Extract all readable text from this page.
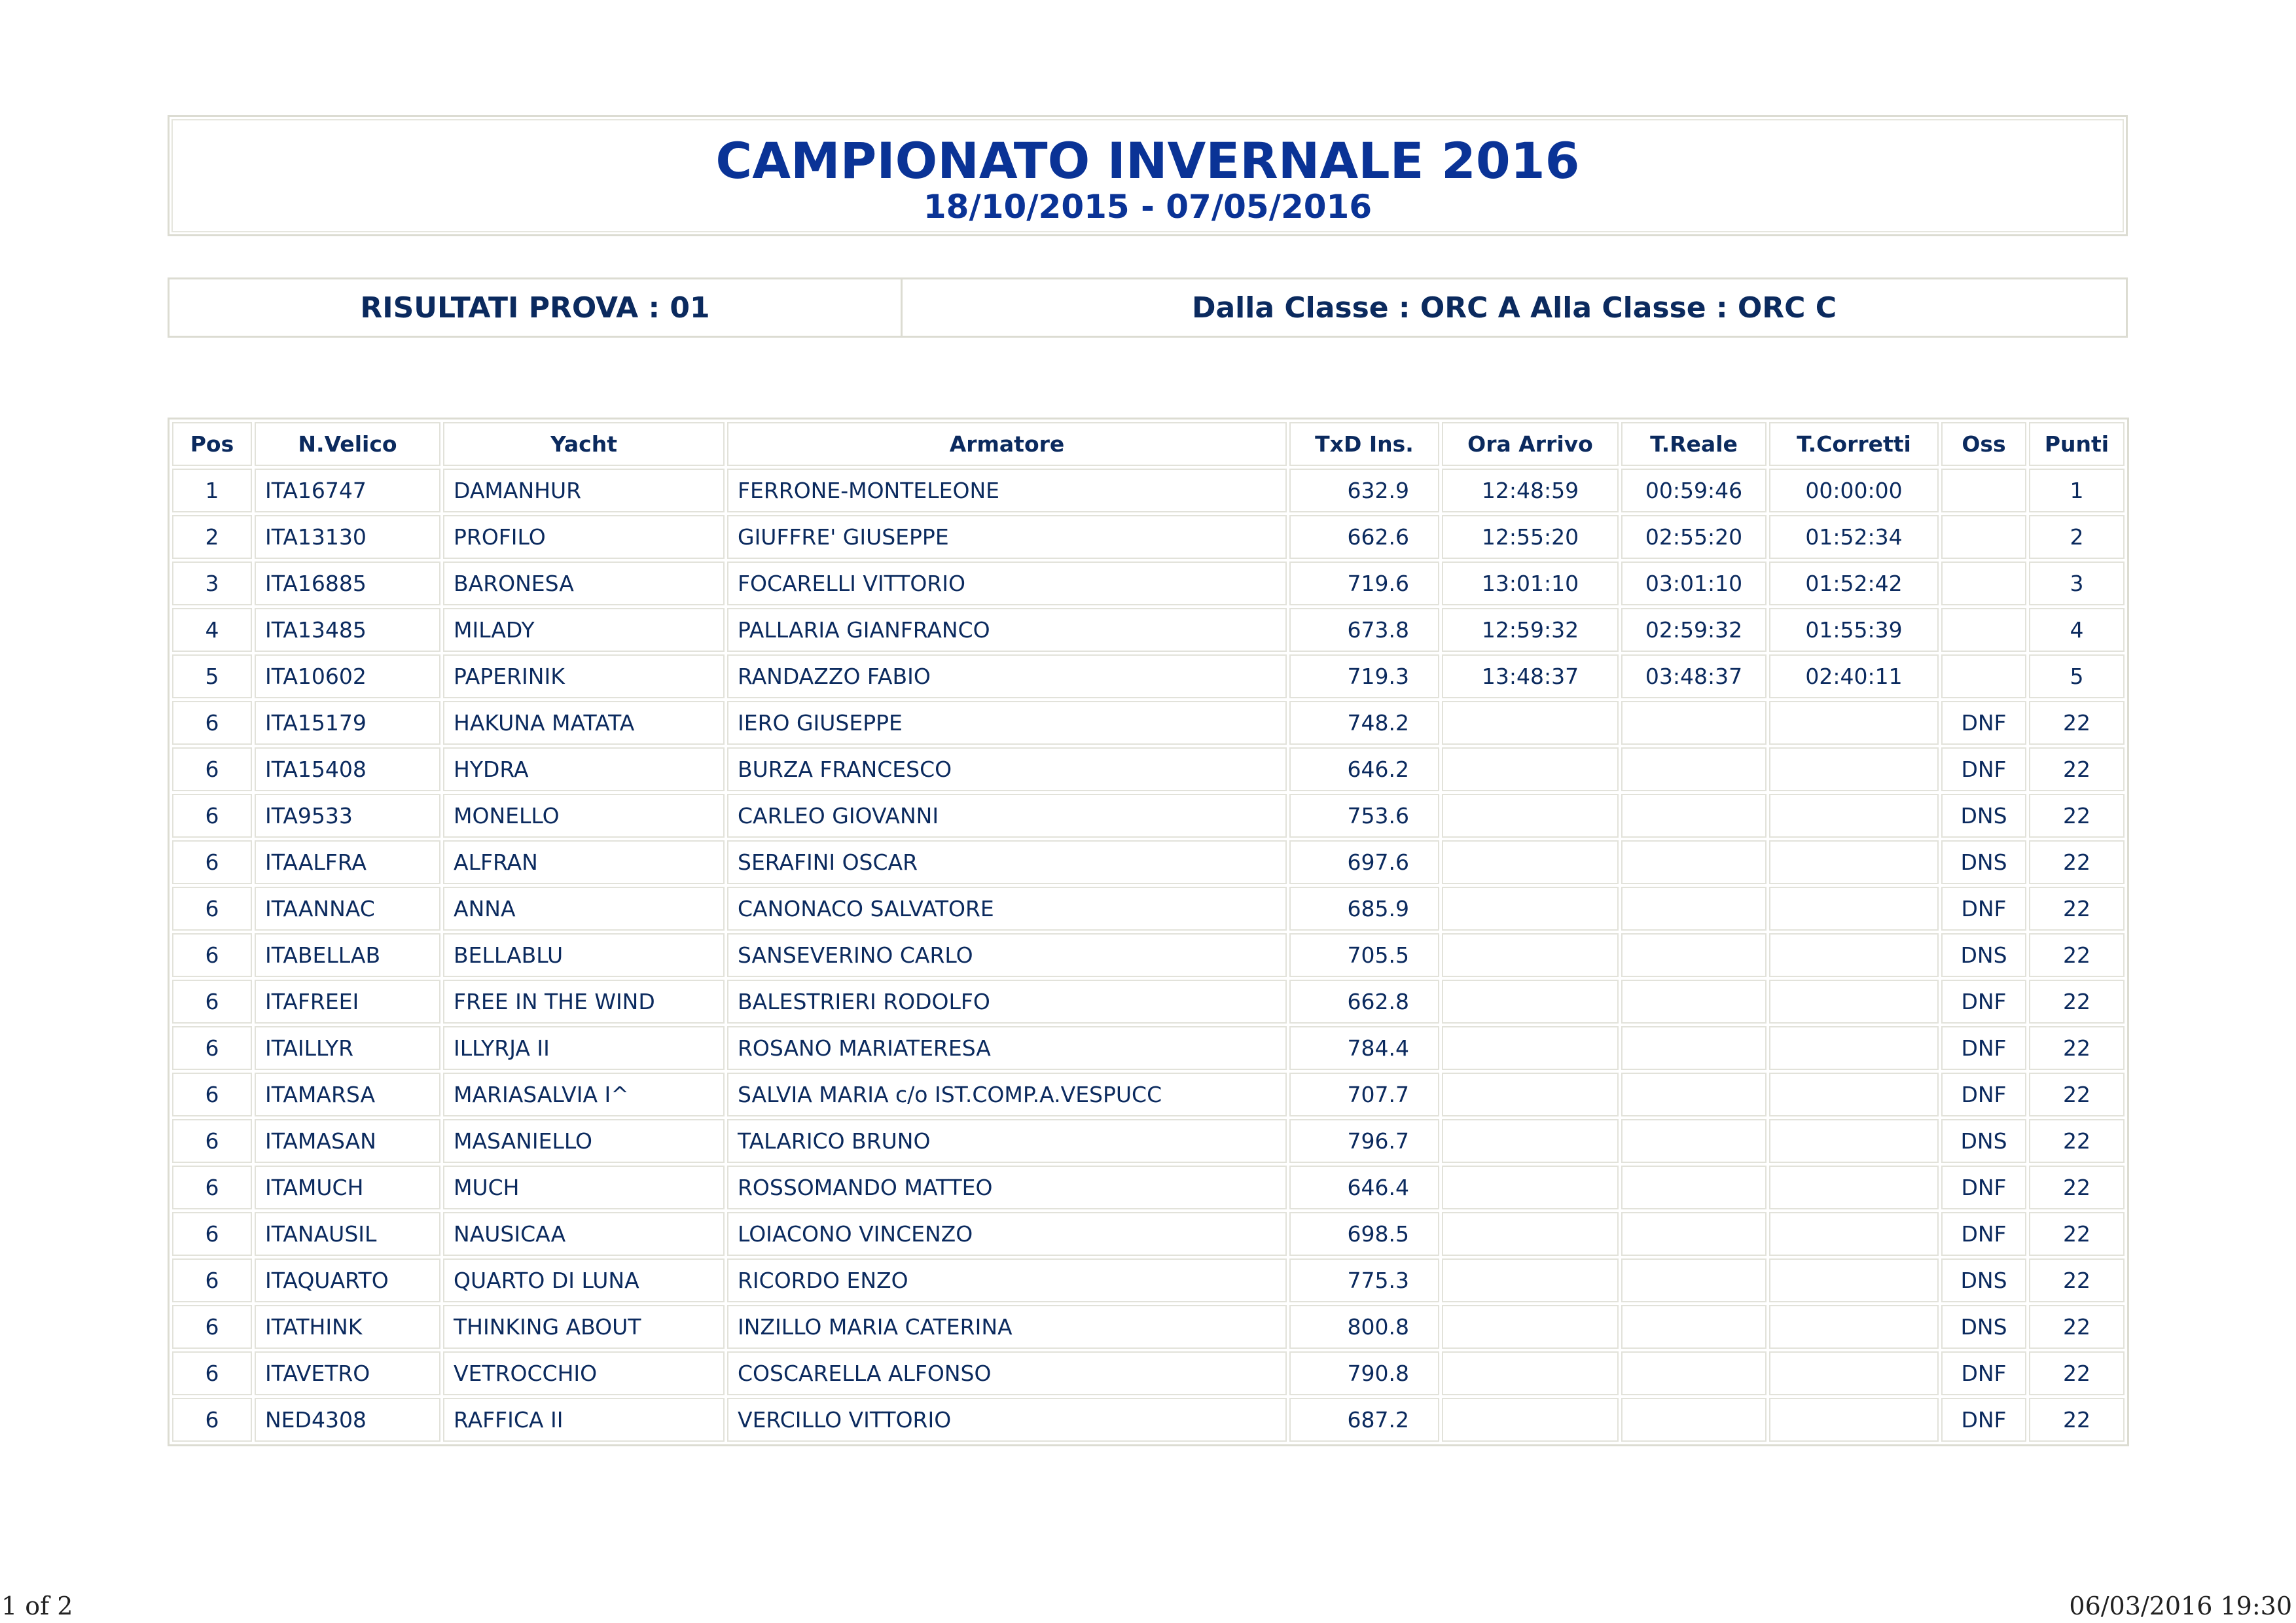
CAMPIONATO INVERNALE 2016
18/10/2015 - 07/05/2016
RISULTATI PROVA : 01	Dalla Classe : ORC A Alla Classe : ORC C
Pos	N.Velico	Yacht	Armatore	TxD Ins.	Ora Arrivo	T.Reale	T.Corretti	Oss	Punti
1	ITA16747	DAMANHUR	FERRONE-MONTELEONE	632.9	12:48:59	00:59:46	00:00:00		1
2	ITA13130	PROFILO	GIUFFRE' GIUSEPPE	662.6	12:55:20	02:55:20	01:52:34		2
3	ITA16885	BARONESA	FOCARELLI VITTORIO	719.6	13:01:10	03:01:10	01:52:42		3
4	ITA13485	MILADY	PALLARIA GIANFRANCO	673.8	12:59:32	02:59:32	01:55:39		4
5	ITA10602	PAPERINIK	RANDAZZO FABIO	719.3	13:48:37	03:48:37	02:40:11		5
6	ITA15179	HAKUNA MATATA	IERO GIUSEPPE	748.2				DNF	22
6	ITA15408	HYDRA	BURZA FRANCESCO	646.2				DNF	22
6	ITA9533	MONELLO	CARLEO GIOVANNI	753.6				DNS	22
6	ITAALFRA	ALFRAN	SERAFINI OSCAR	697.6				DNS	22
6	ITAANNAC	ANNA	CANONACO SALVATORE	685.9				DNF	22
6	ITABELLAB	BELLABLU	SANSEVERINO CARLO	705.5				DNS	22
6	ITAFREEI	FREE IN THE WIND	BALESTRIERI RODOLFO	662.8				DNF	22
6	ITAILLYR	ILLYRJA II	ROSANO MARIATERESA	784.4				DNF	22
6	ITAMARSA	MARIASALVIA I^	SALVIA MARIA c/o IST.COMP.A.VESPUCC	707.7				DNF	22
6	ITAMASAN	MASANIELLO	TALARICO BRUNO	796.7				DNS	22
6	ITAMUCH	MUCH	ROSSOMANDO MATTEO	646.4				DNF	22
6	ITANAUSIL	NAUSICAA	LOIACONO VINCENZO	698.5				DNF	22
6	ITAQUARTO	QUARTO DI LUNA	RICORDO ENZO	775.3				DNS	22
6	ITATHINK	THINKING ABOUT	INZILLO MARIA CATERINA	800.8				DNS	22
6	ITAVETRO	VETROCCHIO	COSCARELLA ALFONSO	790.8				DNF	22
6	NED4308	RAFFICA II	VERCILLO VITTORIO	687.2				DNF	22
1 of 2	06/03/2016 19:30
